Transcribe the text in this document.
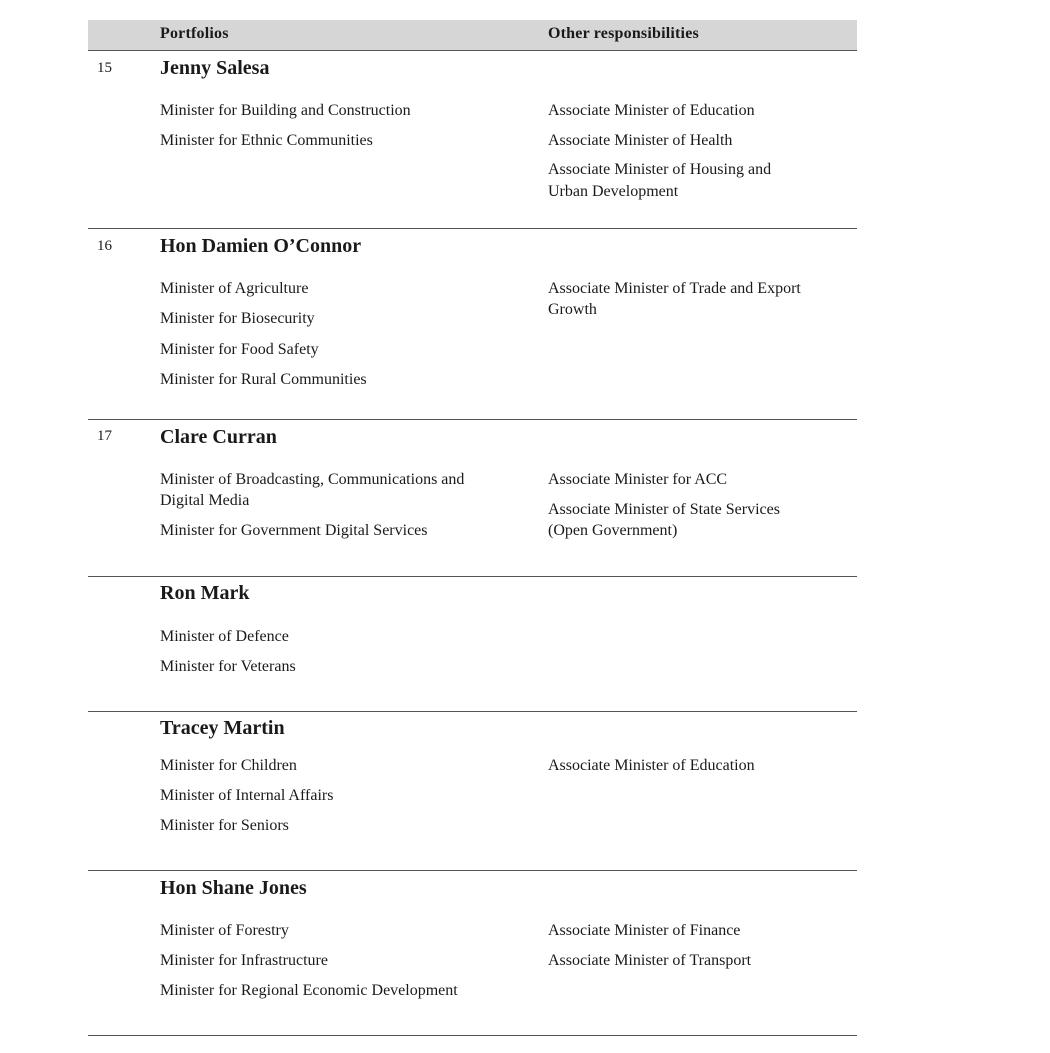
Portfolios	Other responsibilities
15 Jenny Salesa
Minister for Building and Construction
Minister for Ethnic Communities
Associate Minister of Education
Associate Minister of Health
Associate Minister of Housing and
Urban Development
16 Hon Damien O’Connor
Minister of Agriculture
Minister for Biosecurity
Minister for Food Safety
Minister for Rural Communities
Associate Minister of Trade and Export
Growth
17 Clare Curran
Minister of Broadcasting, Communications and
Digital Media
Minister for Government Digital Services
Associate Minister for ACC
Associate Minister of State Services
(Open Government)
Ron Mark
Minister of Defence
Minister for Veterans
Tracey Martin
Minister for Children
Minister of Internal Affairs
Minister for Seniors
Associate Minister of Education
Hon Shane Jones
Minister of Forestry
Minister for Infrastructure
Minister for Regional Economic Development
Associate Minister of Finance
Associate Minister of Transport
